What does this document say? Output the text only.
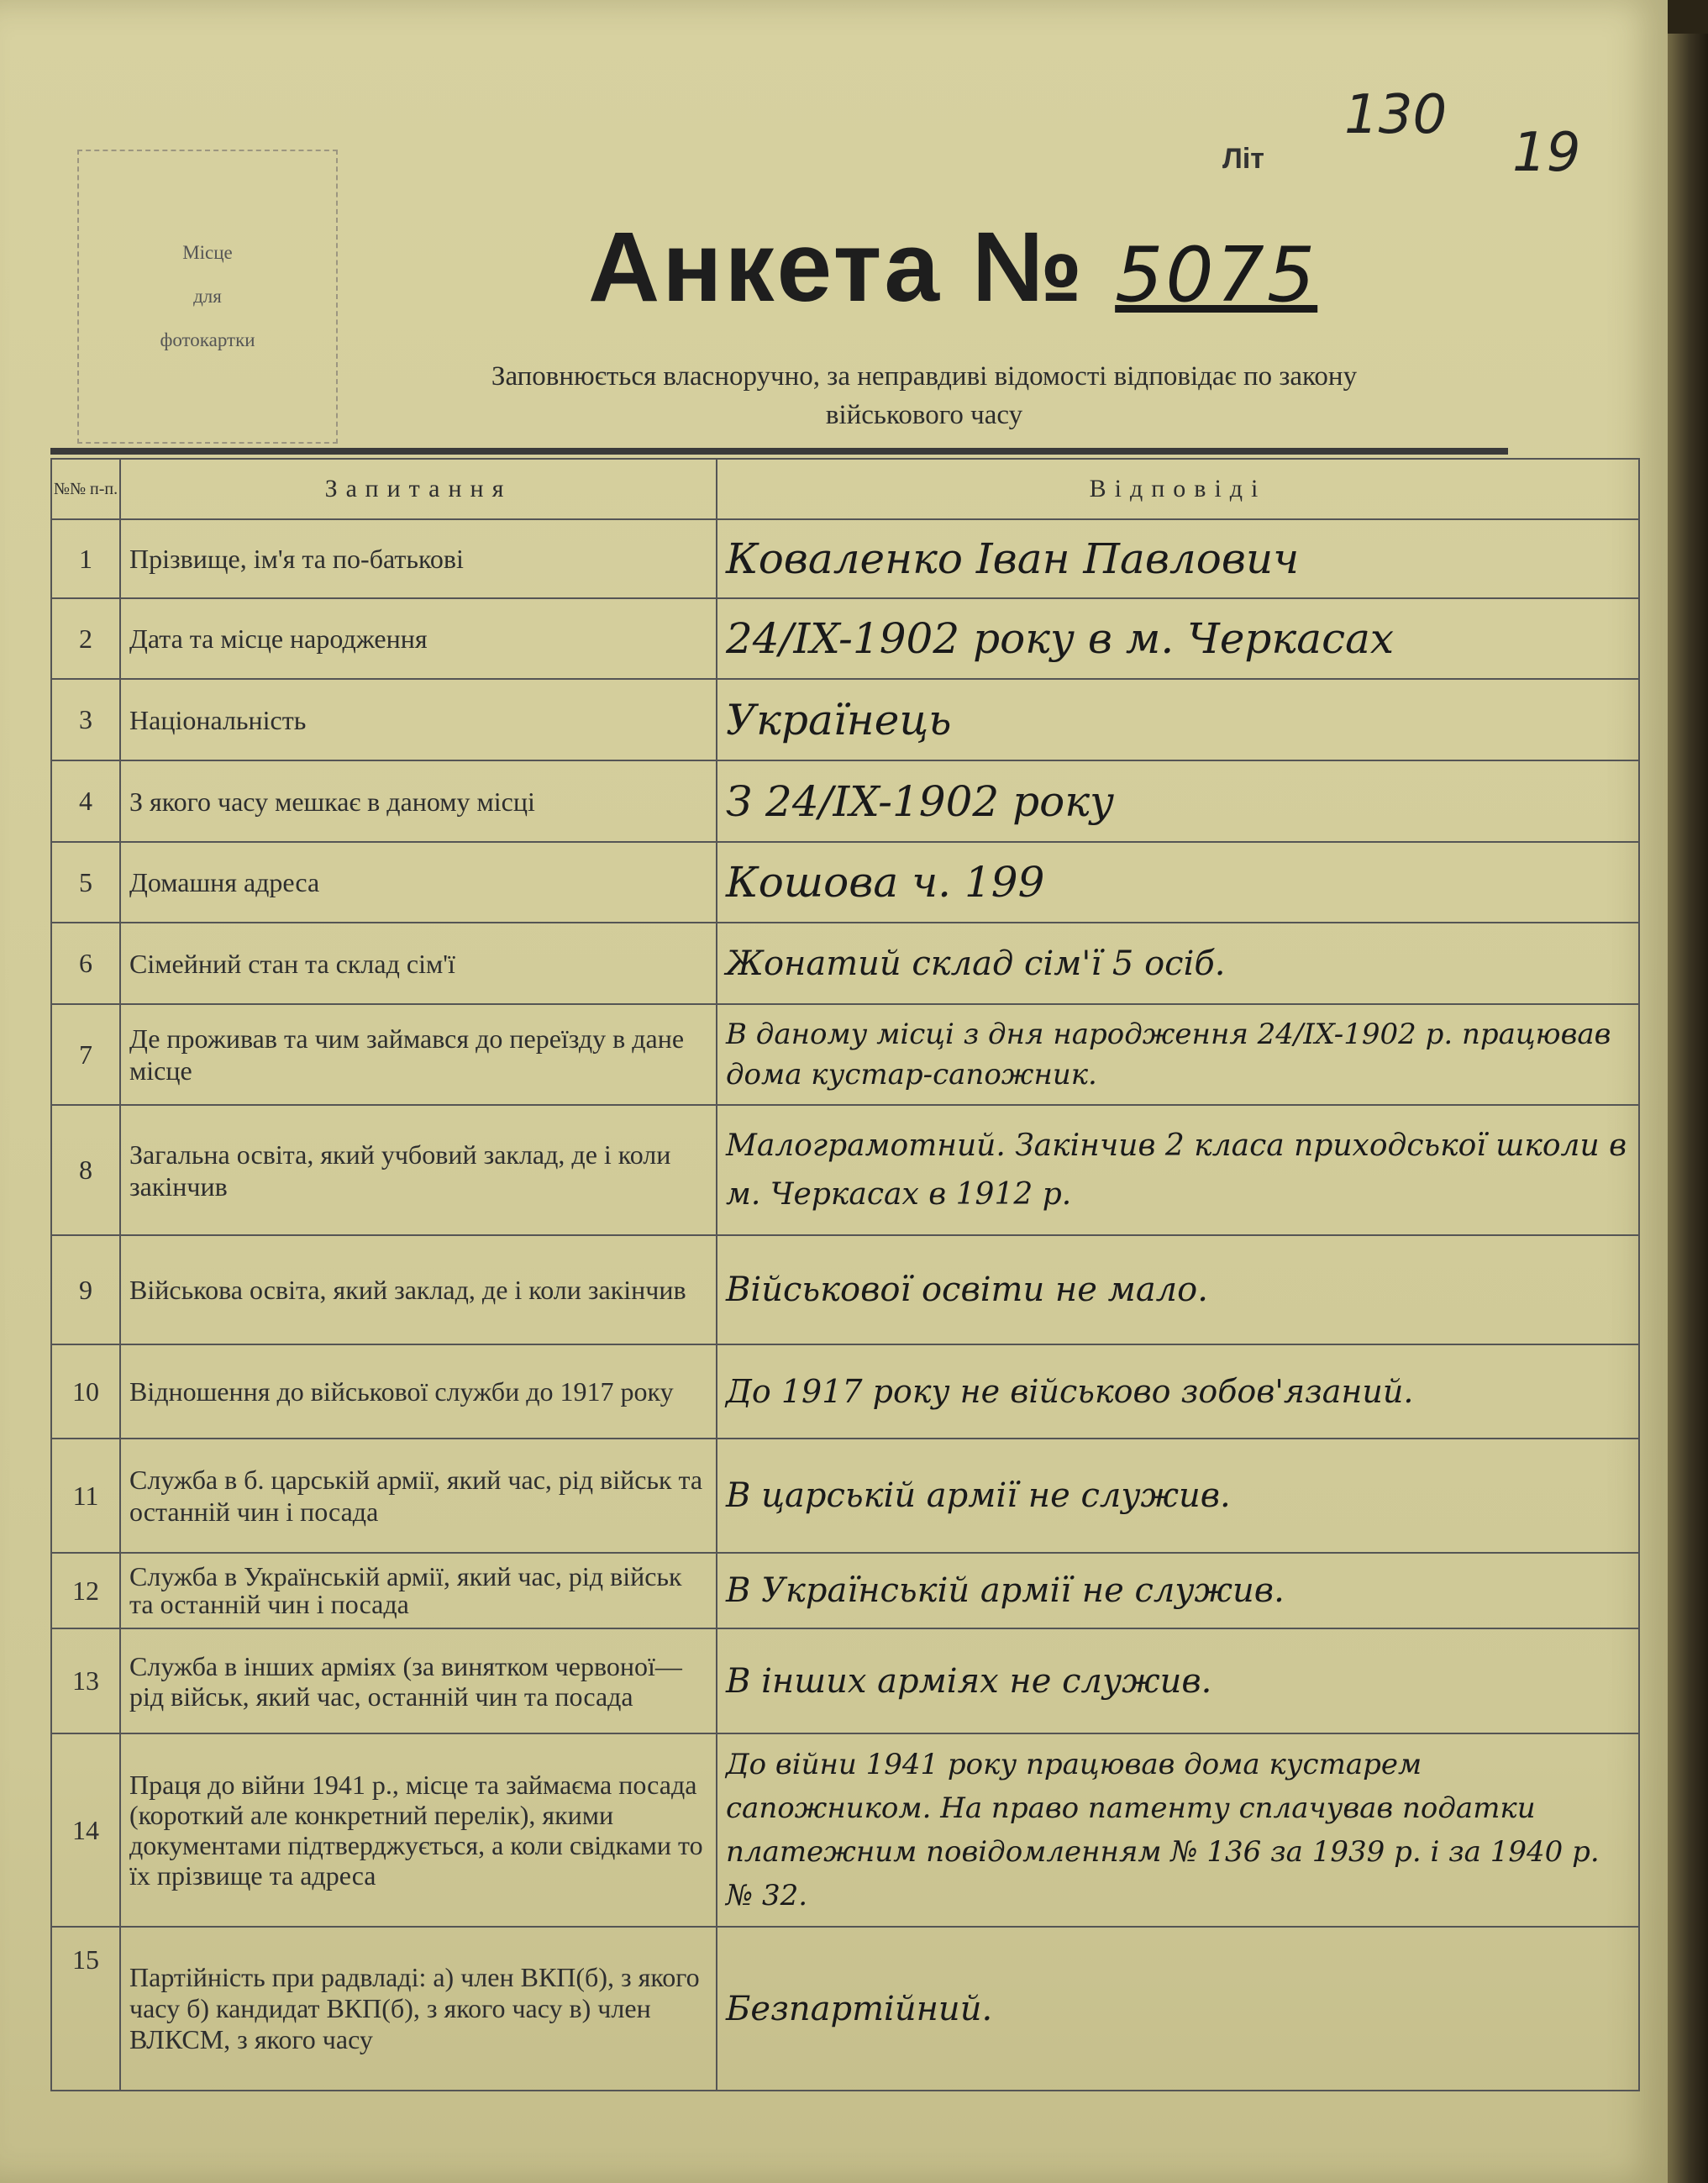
130
19
Літ
Місце
для
фотокартки
Анкета № 5075
Заповнюється власноручно, за неправдиві відомості відповідає по закону
військового часу
№№ п-п.	Запитання	Відповіді
1	Прізвище, ім'я та по-батькові	Коваленко Іван Павлович
2	Дата та місце народження	24/IX-1902 року в м. Черкасах
3	Національність	Українець
4	З якого часу мешкає в даному місці	З 24/IX-1902 року
5	Домашня адреса	Кошова ч. 199
6	Сімейний стан та склад сім'ї	Жонатий склад сім'ї 5 осіб.
7	Де проживав та чим займався до переїзду в дане місце	В даному місці з дня народження 24/IX-1902 р. працював дома кустар-сапожник.
8	Загальна освіта, який учбовий заклад, де і коли закінчив	Малограмотний. Закінчив 2 класа приходської школи в м. Черкасах в 1912 р.
9	Військова освіта, який заклад, де і коли закінчив	Військової освіти не мало.
10	Відношення до військової служби до 1917 року	До 1917 року не військово зобов'язаний.
11	Служба в б. царській армії, який час, рід військ та останній чин і посада	В царській армії не служив.
12	Служба в Українській армії, який час, рід військ та останній чин і посада	В Українській армії не служив.
13	Служба в інших арміях (за винятком червоної—рід військ, який час, останній чин та посада	В інших арміях не служив.
14	Праця до війни 1941 р., місце та займаєма посада (короткий але конкретний перелік), якими документами підтверджується, а коли свідками то їх прізвище та адреса	До війни 1941 року працював дома кустарем сапожником. На право патенту сплачував податки платежним повідомленням № 136 за 1939 р. і за 1940 р. № 32.
15	Партійність при радвладі: а) член ВКП(б), з якого часу б) кандидат ВКП(б), з якого часу в) член ВЛКСМ, з якого часу	Безпартійний.
